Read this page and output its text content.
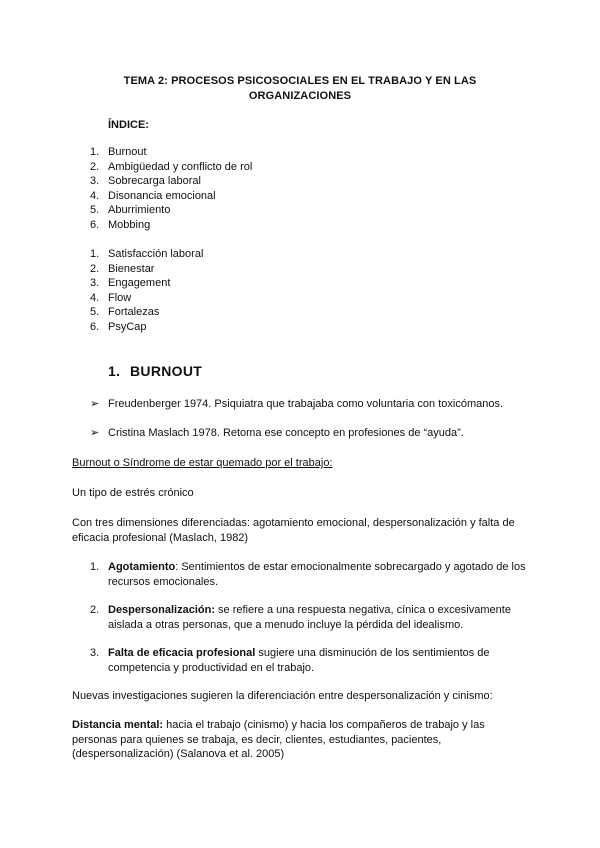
TEMA 2: PROCESOS PSICOSOCIALES EN EL TRABAJO Y EN LAS
ORGANIZACIONES
ÍNDICE:
1. Burnout
2. Ambigüedad y conflicto de rol
3. Sobrecarga laboral
4. Disonancia emocional
5. Aburrimiento
6. Mobbing
1. Satisfacción laboral
2. Bienestar
3. Engagement
4. Flow
5. Fortalezas
6. PsyCap
1. BURNOUT
➢ Freudenberger 1974. Psiquiatra que trabajaba como voluntaria con toxicómanos.
➢ Cristina Maslach 1978. Retoma ese concepto en profesiones de “ayuda”.
Burnout o Síndrome de estar quemado por el trabajo:
Un tipo de estrés crónico
Con tres dimensiones diferenciadas: agotamiento emocional, despersonalización y falta de eficacia profesional (Maslach, 1982)
1. Agotamiento: Sentimientos de estar emocionalmente sobrecargado y agotado de los recursos emocionales.
2. Despersonalización: se refiere a una respuesta negativa, cínica o excesivamente aislada a otras personas, que a menudo incluye la pérdida del idealismo.
3. Falta de eficacia profesional sugiere una disminución de los sentimientos de competencia y productividad en el trabajo.
Nuevas investigaciones sugieren la diferenciación entre despersonalización y cinismo:
Distancia mental: hacia el trabajo (cinismo) y hacia los compañeros de trabajo y las personas para quienes se trabaja, es decir, clientes, estudiantes, pacientes, (despersonalización) (Salanova et al. 2005)
